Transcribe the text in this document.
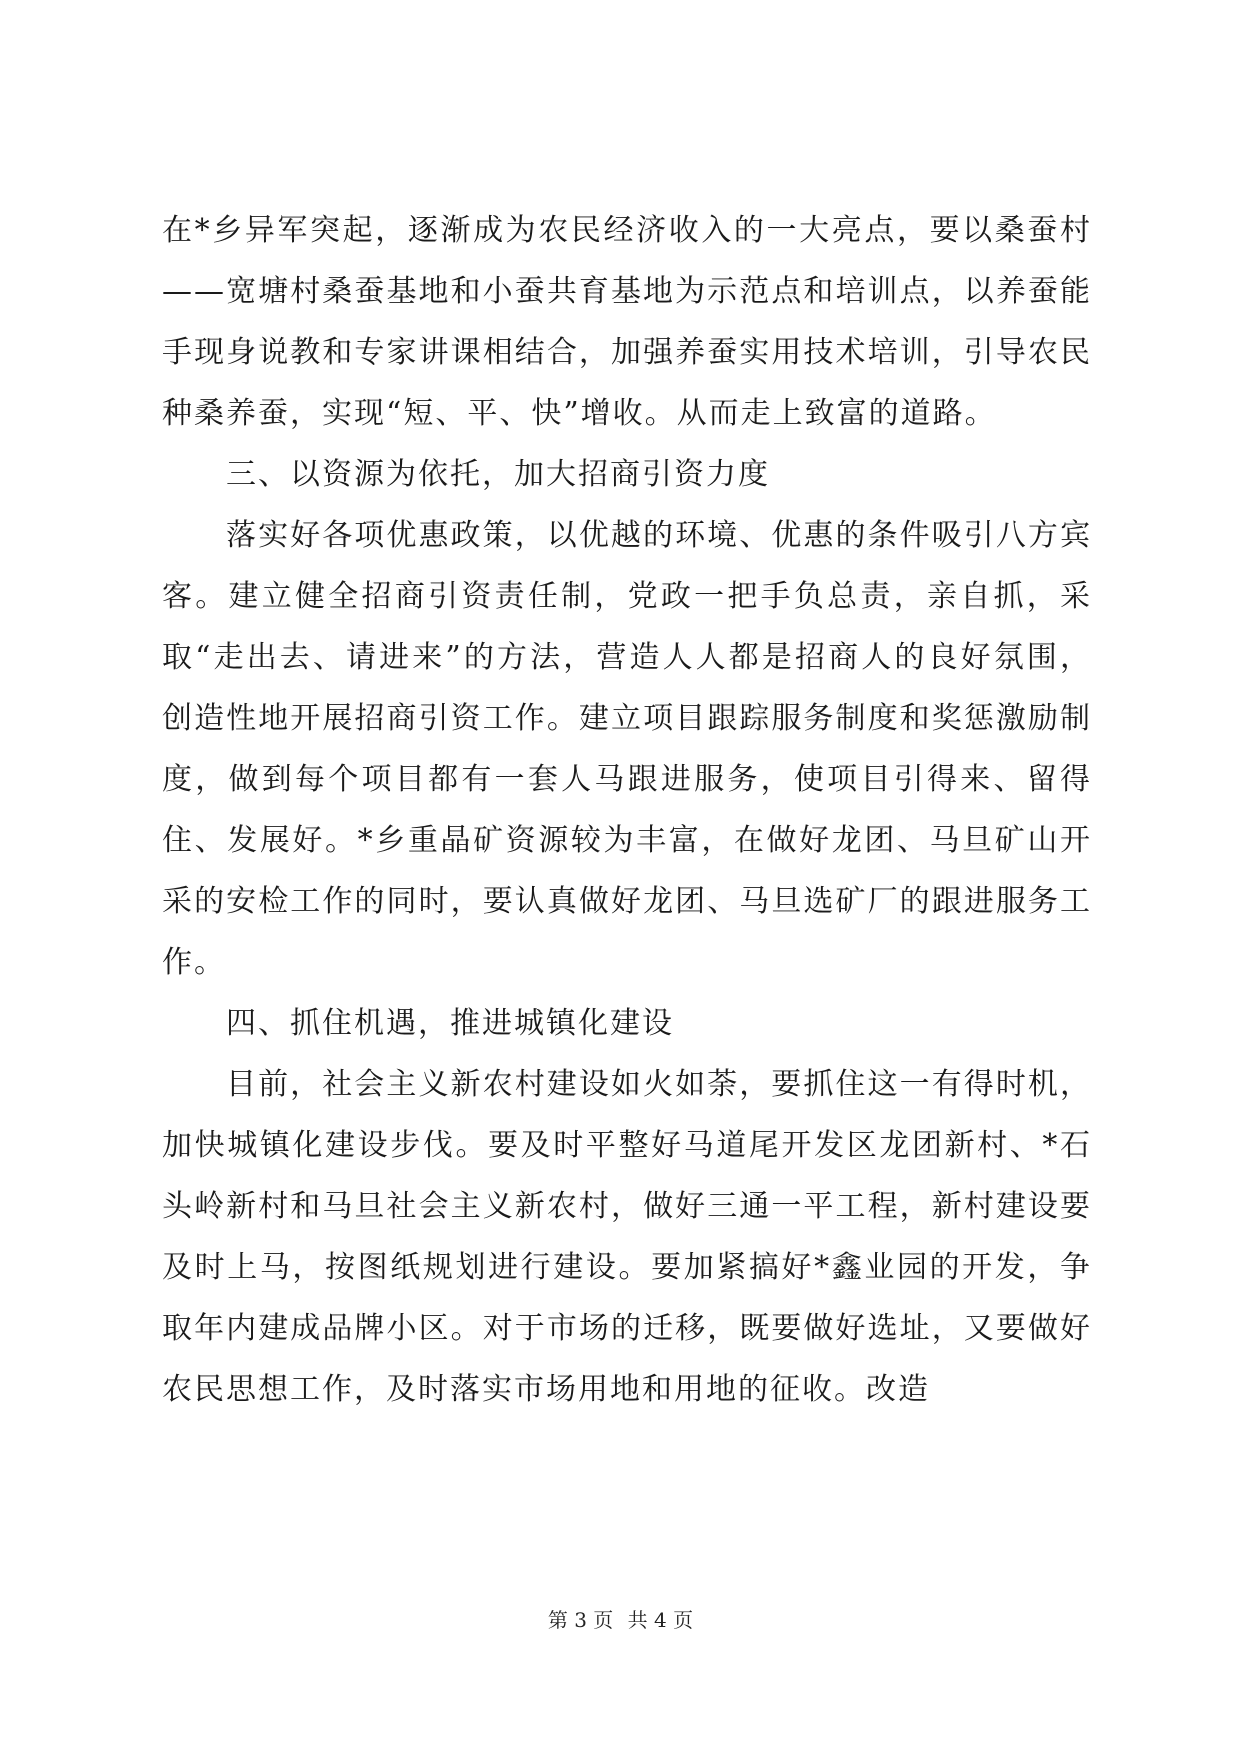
在*乡异军突起，逐渐成为农民经济收入的一大亮点，要以桑蚕村——宽塘村桑蚕基地和小蚕共育基地为示范点和培训点，以养蚕能手现身说教和专家讲课相结合，加强养蚕实用技术培训，引导农民种桑养蚕，实现“短、平、快”增收。从而走上致富的道路。

三、以资源为依托，加大招商引资力度

落实好各项优惠政策，以优越的环境、优惠的条件吸引八方宾客。建立健全招商引资责任制，党政一把手负总责，亲自抓，采取“走出去、请进来”的方法，营造人人都是招商人的良好氛围，创造性地开展招商引资工作。建立项目跟踪服务制度和奖惩激励制度，做到每个项目都有一套人马跟进服务，使项目引得来、留得住、发展好。*乡重晶矿资源较为丰富，在做好龙团、马旦矿山开采的安检工作的同时，要认真做好龙团、马旦选矿厂的跟进服务工作。

四、抓住机遇，推进城镇化建设

目前，社会主义新农村建设如火如荼，要抓住这一有得时机，加快城镇化建设步伐。要及时平整好马道尾开发区龙团新村、*石头岭新村和马旦社会主义新农村，做好三通一平工程，新村建设要及时上马，按图纸规划进行建设。要加紧搞好*鑫业园的开发，争取年内建成品牌小区。对于市场的迁移，既要做好选址，又要做好农民思想工作，及时落实市场用地和用地的征收。改造

第 3 页 共 4 页
